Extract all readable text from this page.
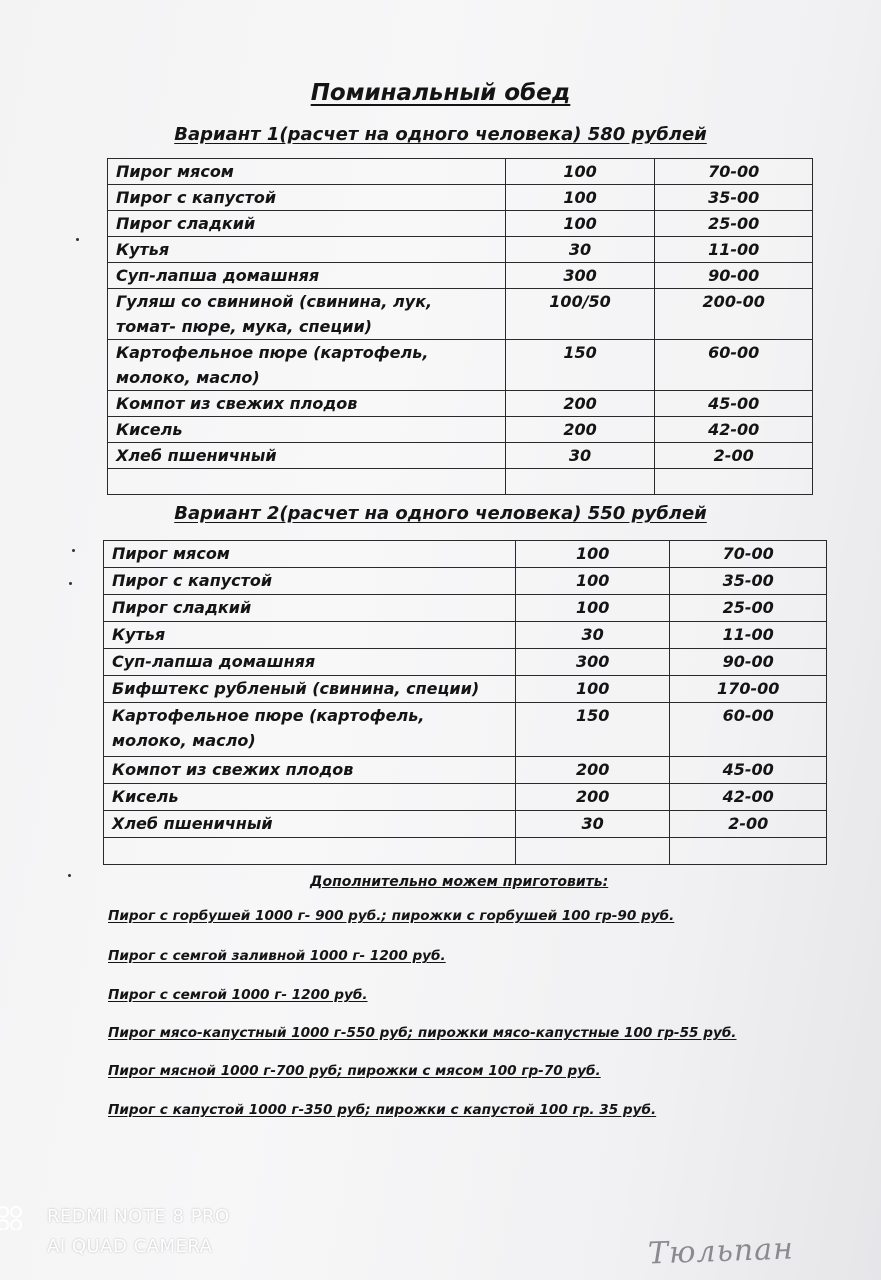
Поминальный обед
Вариант 1(расчет на одного человека) 580 рублей
Пирог мясом	100	70-00
Пирог с капустой	100	35-00
Пирог сладкий	100	25-00
Кутья	30	11-00
Суп-лапша домашняя	300	90-00
Гуляш со свининой (свинина, лук,
томат- пюре, мука, специи)	100/50	200-00
Картофельное пюре (картофель,
молоко, масло)	150	60-00
Компот из свежих плодов	200	45-00
Кисель	200	42-00
Хлеб пшеничный	30	2-00

Вариант 2(расчет на одного человека) 550 рублей
Пирог мясом	100	70-00
Пирог с капустой	100	35-00
Пирог сладкий	100	25-00
Кутья	30	11-00
Суп-лапша домашняя	300	90-00
Бифштекс рубленый (свинина, специи)	100	170-00
Картофельное пюре (картофель,
молоко, масло)	150	60-00
Компот из свежих плодов	200	45-00
Кисель	200	42-00
Хлеб пшеничный	30	2-00

Дополнительно можем приготовить:
Пирог с горбушей 1000 г- 900 руб.; пирожки с горбушей 100 гр-90 руб.
Пирог с семгой заливной 1000 г- 1200 руб.
Пирог с семгой 1000 г- 1200 руб.
Пирог мясо-капустный 1000 г-550 руб; пирожки мясо-капустные 100 гр-55 руб.
Пирог мясной 1000 г-700 руб; пирожки с мясом 100 гр-70 руб.
Пирог с капустой 1000 г-350 руб; пирожки с капустой 100 гр. 35 руб.
REDMI NOTE 8 PRO
AI QUAD CAMERA	Тюльпан
